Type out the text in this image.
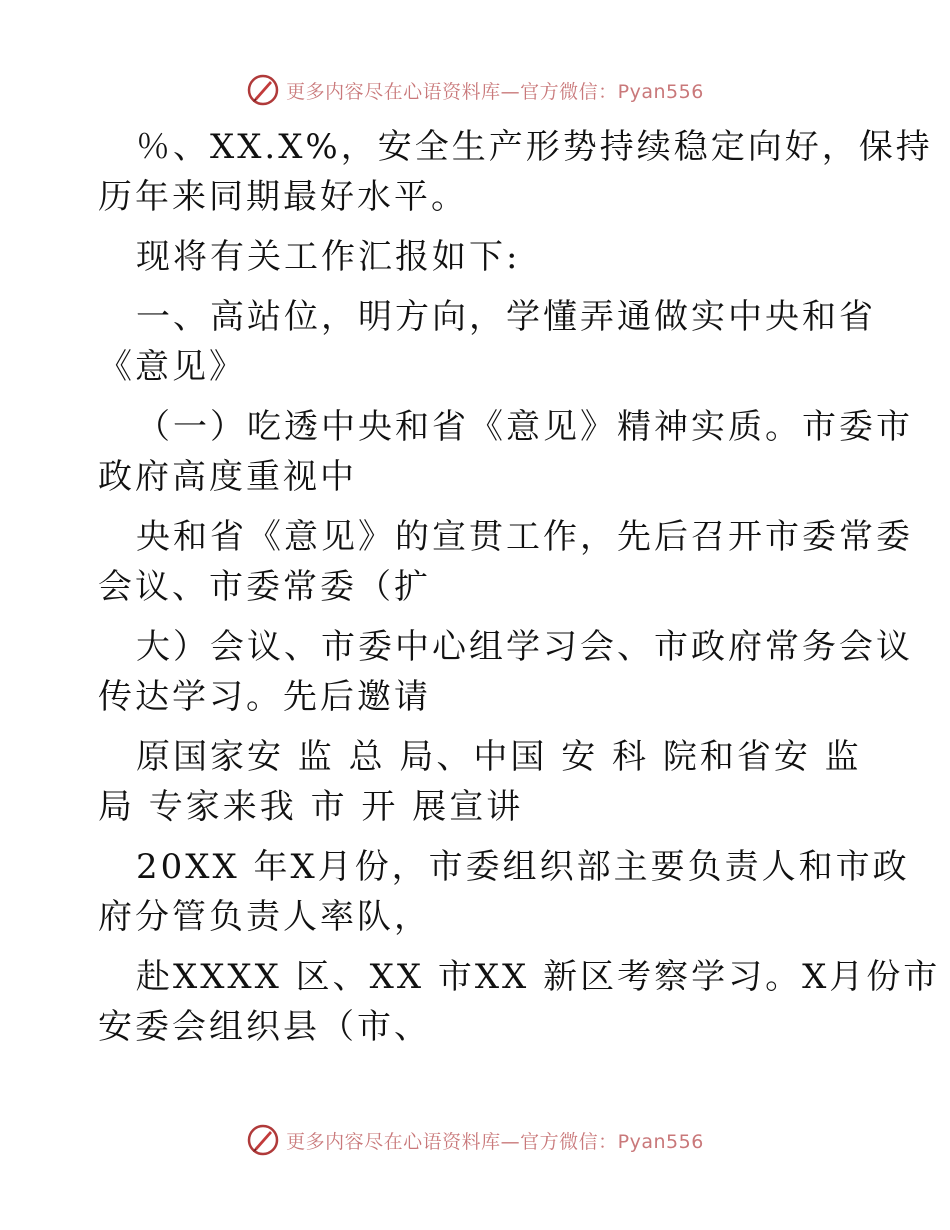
更多内容尽在心语资料库—官方微信：Pyan556

％、XX.X%，安全生产形势持续稳定向好，保持

历年来同期最好水平。

现将有关工作汇报如下:

一、高站位，明方向，学懂弄通做实中央和省

《意见》

（一）吃透中央和省《意见》精神实质。市委市

政府高度重视中

央和省《意见》的宣贯工作，先后召开市委常委

会议、市委常委（扩

大）会议、市委中心组学习会、市政府常务会议

传达学习。先后邀请

原国家安 监 总 局、中国 安 科 院和省安 监

局 专家来我 市 开 展宣讲

20XX 年X月份，市委组织部主要负责人和市政

府分管负责人率队，

赴XXXX 区、XX 市XX 新区考察学习。X月份市

安委会组织县（市、

更多内容尽在心语资料库—官方微信：Pyan556
